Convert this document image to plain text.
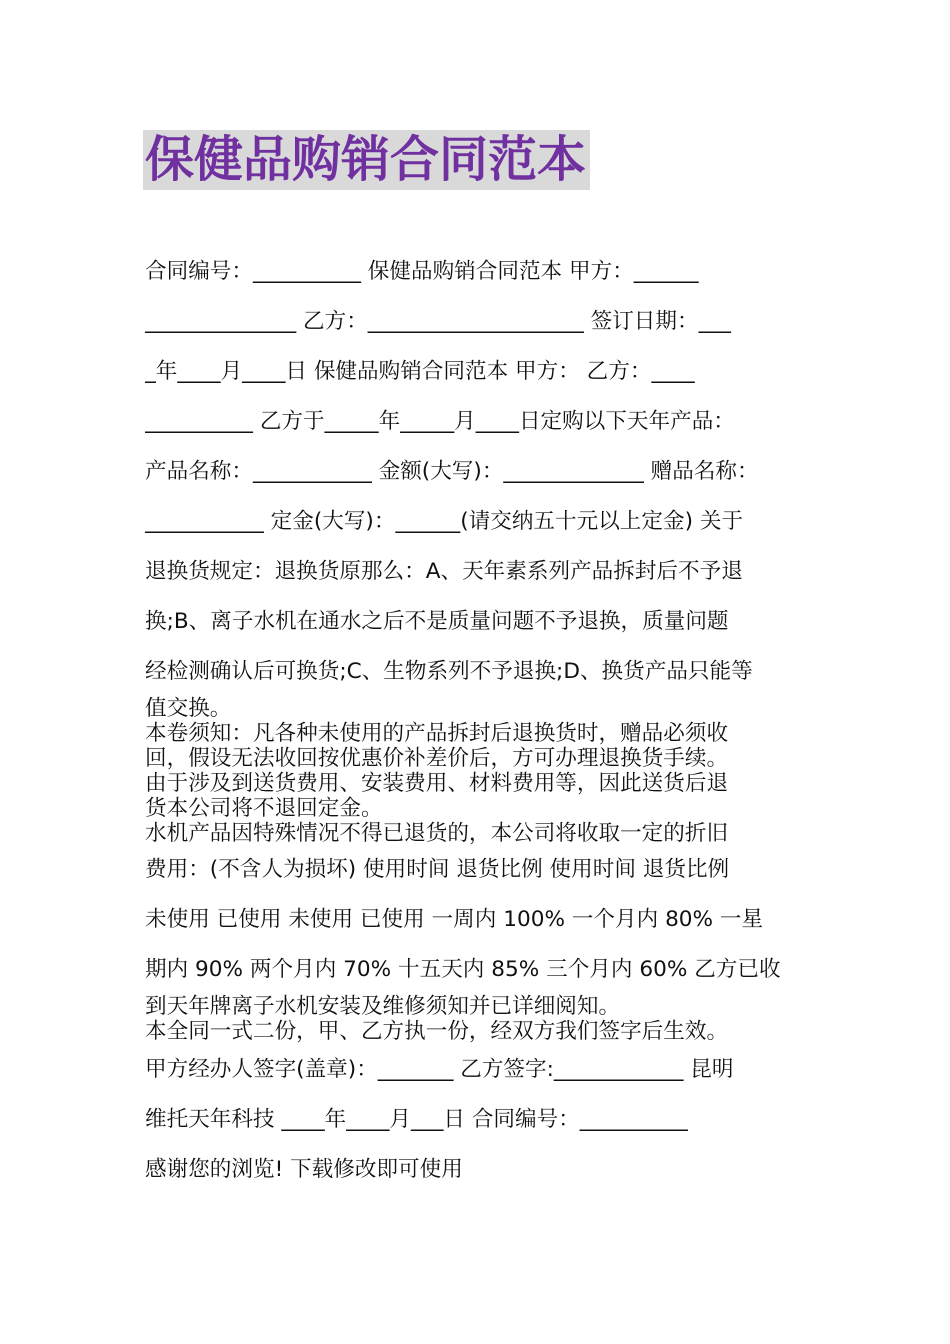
保健品购销合同范本
合同编号：__________ 保健品购销合同范本 甲方：______
______________ 乙方：____________________ 签订日期：___
_年____月____日 保健品购销合同范本 甲方： 乙方：____
__________ 乙方于_____年_____月____日定购以下天年产品：
产品名称：___________ 金额(大写)：_____________ 赠品名称：
___________ 定金(大写)：______(请交纳五十元以上定金) 关于
退换货规定：退换货原那么：A、天年素系列产品拆封后不予退
换;B、离子水机在通水之后不是质量问题不予退换，质量问题
经检测确认后可换货;C、生物系列不予退换;D、换货产品只能等
值交换。
本卷须知：凡各种未使用的产品拆封后退换货时，赠品必须收
回，假设无法收回按优惠价补差价后，方可办理退换货手续。
由于涉及到送货费用、安装费用、材料费用等，因此送货后退
货本公司将不退回定金。
水机产品因特殊情况不得已退货的，本公司将收取一定的折旧
费用：(不含人为损坏) 使用时间 退货比例 使用时间 退货比例
未使用 已使用 未使用 已使用 一周内 100% 一个月内 80% 一星
期内 90% 两个月内 70% 十五天内 85% 三个月内 60% 乙方已收
到天年牌离子水机安装及维修须知并已详细阅知。
本全同一式二份，甲、乙方执一份，经双方我们签字后生效。
甲方经办人签字(盖章)：_______ 乙方签字:____________ 昆明
维托天年科技 ____年____月___日 合同编号：__________
感谢您的浏览! 下载修改即可使用
